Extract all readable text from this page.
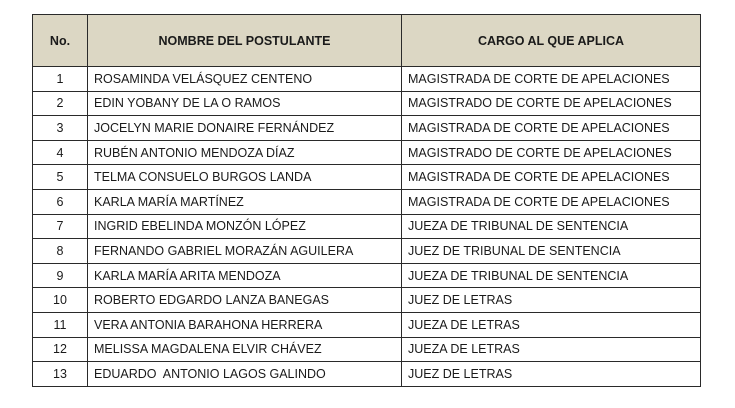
No.	NOMBRE DEL POSTULANTE	CARGO AL QUE APLICA
1	ROSAMINDA VELÁSQUEZ CENTENO	MAGISTRADA DE CORTE DE APELACIONES
2	EDIN YOBANY DE LA O RAMOS	MAGISTRADO DE CORTE DE APELACIONES
3	JOCELYN MARIE DONAIRE FERNÁNDEZ	MAGISTRADA DE CORTE DE APELACIONES
4	RUBÉN ANTONIO MENDOZA DÍAZ	MAGISTRADO DE CORTE DE APELACIONES
5	TELMA CONSUELO BURGOS LANDA	MAGISTRADA DE CORTE DE APELACIONES
6	KARLA MARÍA MARTÍNEZ	MAGISTRADA DE CORTE DE APELACIONES
7	INGRID EBELINDA MONZÓN LÓPEZ	JUEZA DE TRIBUNAL DE SENTENCIA
8	FERNANDO GABRIEL MORAZÁN AGUILERA	JUEZ DE TRIBUNAL DE SENTENCIA
9	KARLA MARÍA ARITA MENDOZA	JUEZA DE TRIBUNAL DE SENTENCIA
10	ROBERTO EDGARDO LANZA BANEGAS	JUEZ DE LETRAS
11	VERA ANTONIA BARAHONA HERRERA	JUEZA DE LETRAS
12	MELISSA MAGDALENA ELVIR CHÁVEZ	JUEZA DE LETRAS
13	EDUARDO  ANTONIO LAGOS GALINDO	JUEZ DE LETRAS
